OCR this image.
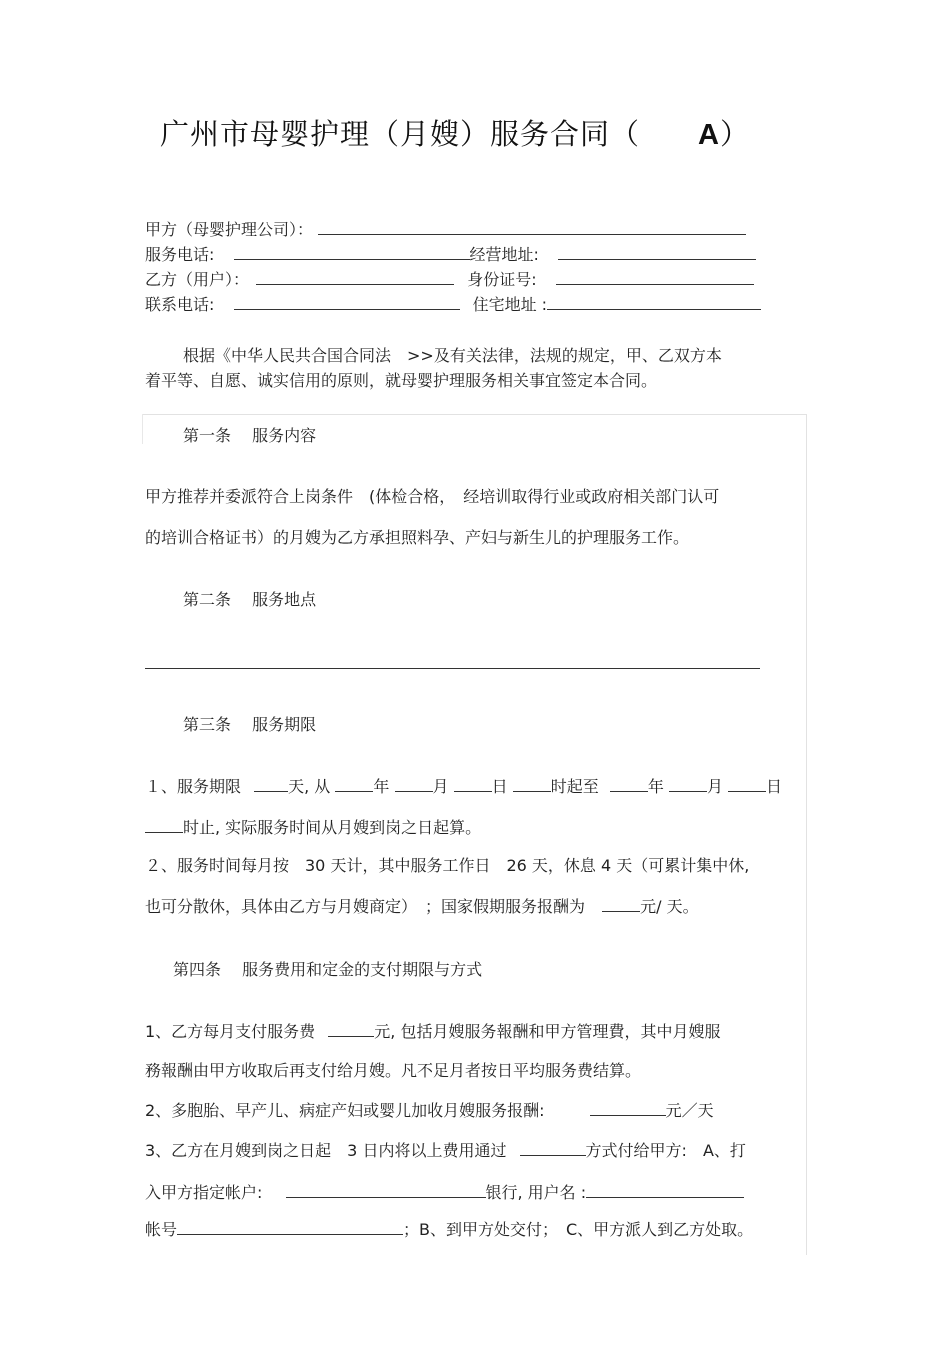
广州市母婴护理（月嫂）服务合同（ A）
甲方（母婴护理公司）：
服务电话:	经营地址:
乙方（用户）：	身份证号:
联系电话:	住宅地址 :
根据《中华人民共合国合同法　>>及有关法律，法规的规定，甲、乙双方本
着平等、自愿、诚实信用的原则，就母婴护理服务相关事宜签定本合同。
第一条　 服务内容
甲方推荐并委派符合上岗条件　(体检合格，　经培训取得行业或政府相关部门认可
的培训合格证书）的月嫂为乙方承担照料孕、产妇与新生儿的护理服务工作。
第二条　 服务地点
第三条　 服务期限
１、服务期限	天, 从	年	月	日	时起至	年	月	日
时止, 实际服务时间从月嫂到岗之日起算。
２、服务时间每月按　30 天计，其中服务工作日　26 天，休息 4 天（可累计集中休,
也可分散休，具体由乙方与月嫂商定）　；国家假期服务报酬为	元/ 天。
第四条　 服务费用和定金的支付期限与方式
1、乙方每月支付服务费	元, 包括月嫂服务報酬和甲方管理費，其中月嫂服
務報酬由甲方收取后再支付给月嫂。凡不足月者按日平均服务费结算。
2、多胞胎、早产儿、病症产妇或婴儿加收月嫂服务报酬:	元／天
3、乙方在月嫂到岗之日起　3 日内将以上费用通过	方式付给甲方:　A、打
入甲方指定帐户:	银行, 用户名 :
帐号	；B、到甲方处交付；　C、甲方派人到乙方处取。
